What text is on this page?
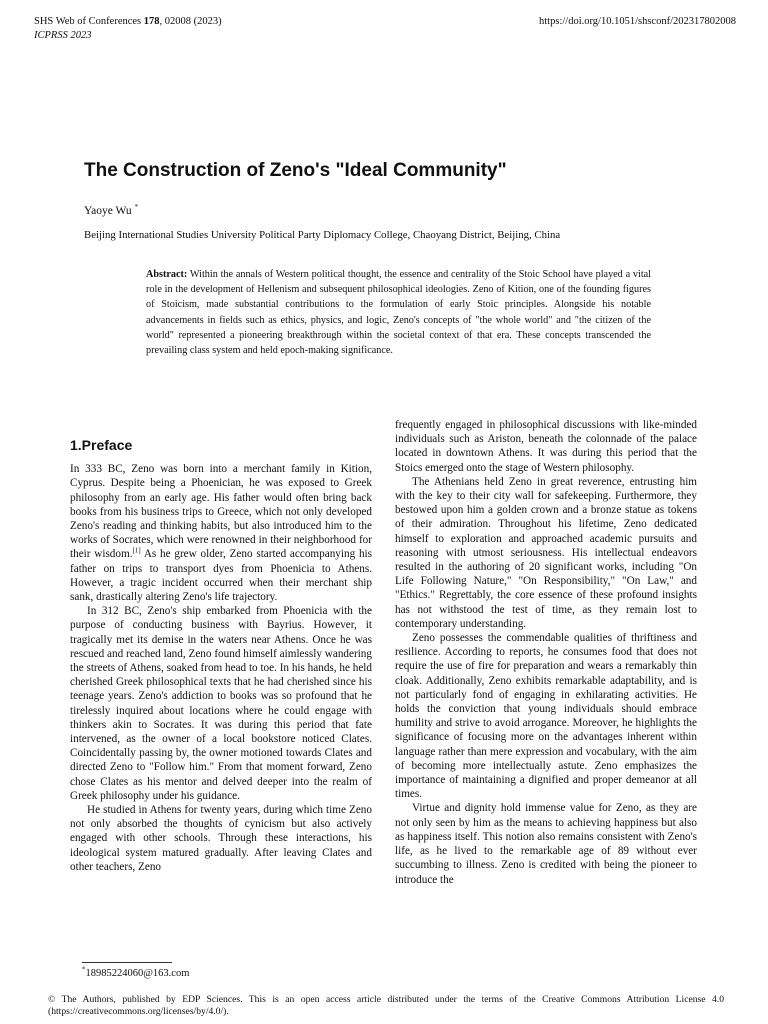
SHS Web of Conferences 178, 02008 (2023)
ICPRSS 2023
https://doi.org/10.1051/shsconf/202317802008
The Construction of Zeno's "Ideal Community"
Yaoye Wu *
Beijing International Studies University Political Party Diplomacy College, Chaoyang District, Beijing, China

Abstract: Within the annals of Western political thought, the essence and centrality of the Stoic School have played a vital role in the development of Hellenism and subsequent philosophical ideologies. Zeno of Kition, one of the founding figures of Stoicism, made substantial contributions to the formulation of early Stoic principles. Alongside his notable advancements in fields such as ethics, physics, and logic, Zeno's concepts of "the whole world" and "the citizen of the world" represented a pioneering breakthrough within the societal context of that era. These concepts transcended the prevailing class system and held epoch-making significance.

1.Preface

In 333 BC, Zeno was born into a merchant family in Kition, Cyprus. Despite being a Phoenician, he was exposed to Greek philosophy from an early age. His father would often bring back books from his business trips to Greece, which not only developed Zeno's reading and thinking habits, but also introduced him to the works of Socrates, which were renowned in their neighborhood for their wisdom.[1] As he grew older, Zeno started accompanying his father on trips to transport dyes from Phoenicia to Athens. However, a tragic incident occurred when their merchant ship sank, drastically altering Zeno's life trajectory.

In 312 BC, Zeno's ship embarked from Phoenicia with the purpose of conducting business with Bayrius. However, it tragically met its demise in the waters near Athens. Once he was rescued and reached land, Zeno found himself aimlessly wandering the streets of Athens, soaked from head to toe. In his hands, he held cherished Greek philosophical texts that he had cherished since his teenage years. Zeno's addiction to books was so profound that he tirelessly inquired about locations where he could engage with thinkers akin to Socrates. It was during this period that fate intervened, as the owner of a local bookstore noticed Clates. Coincidentally passing by, the owner motioned towards Clates and directed Zeno to "Follow him." From that moment forward, Zeno chose Clates as his mentor and delved deeper into the realm of Greek philosophy under his guidance.

He studied in Athens for twenty years, during which time Zeno not only absorbed the thoughts of cynicism but also actively engaged with other schools. Through these interactions, his ideological system matured gradually. After leaving Clates and other teachers, Zeno

frequently engaged in philosophical discussions with like-minded individuals such as Ariston, beneath the colonnade of the palace located in downtown Athens. It was during this period that the Stoics emerged onto the stage of Western philosophy.

The Athenians held Zeno in great reverence, entrusting him with the key to their city wall for safekeeping. Furthermore, they bestowed upon him a golden crown and a bronze statue as tokens of their admiration. Throughout his lifetime, Zeno dedicated himself to exploration and approached academic pursuits and reasoning with utmost seriousness. His intellectual endeavors resulted in the authoring of 20 significant works, including "On Life Following Nature," "On Responsibility," "On Law," and "Ethics." Regrettably, the core essence of these profound insights has not withstood the test of time, as they remain lost to contemporary understanding.

Zeno possesses the commendable qualities of thriftiness and resilience. According to reports, he consumes food that does not require the use of fire for preparation and wears a remarkably thin cloak. Additionally, Zeno exhibits remarkable adaptability, and is not particularly fond of engaging in exhilarating activities. He holds the conviction that young individuals should embrace humility and strive to avoid arrogance. Moreover, he highlights the significance of focusing more on the advantages inherent within language rather than mere expression and vocabulary, with the aim of becoming more intellectually astute. Zeno emphasizes the importance of maintaining a dignified and proper demeanor at all times.

Virtue and dignity hold immense value for Zeno, as they are not only seen by him as the means to achieving happiness but also as happiness itself. This notion also remains consistent with Zeno's life, as he lived to the remarkable age of 89 without ever succumbing to illness. Zeno is credited with being the pioneer to introduce the

*18985224060@163.com
© The Authors, published by EDP Sciences. This is an open access article distributed under the terms of the Creative Commons Attribution License 4.0 (https://creativecommons.org/licenses/by/4.0/).
